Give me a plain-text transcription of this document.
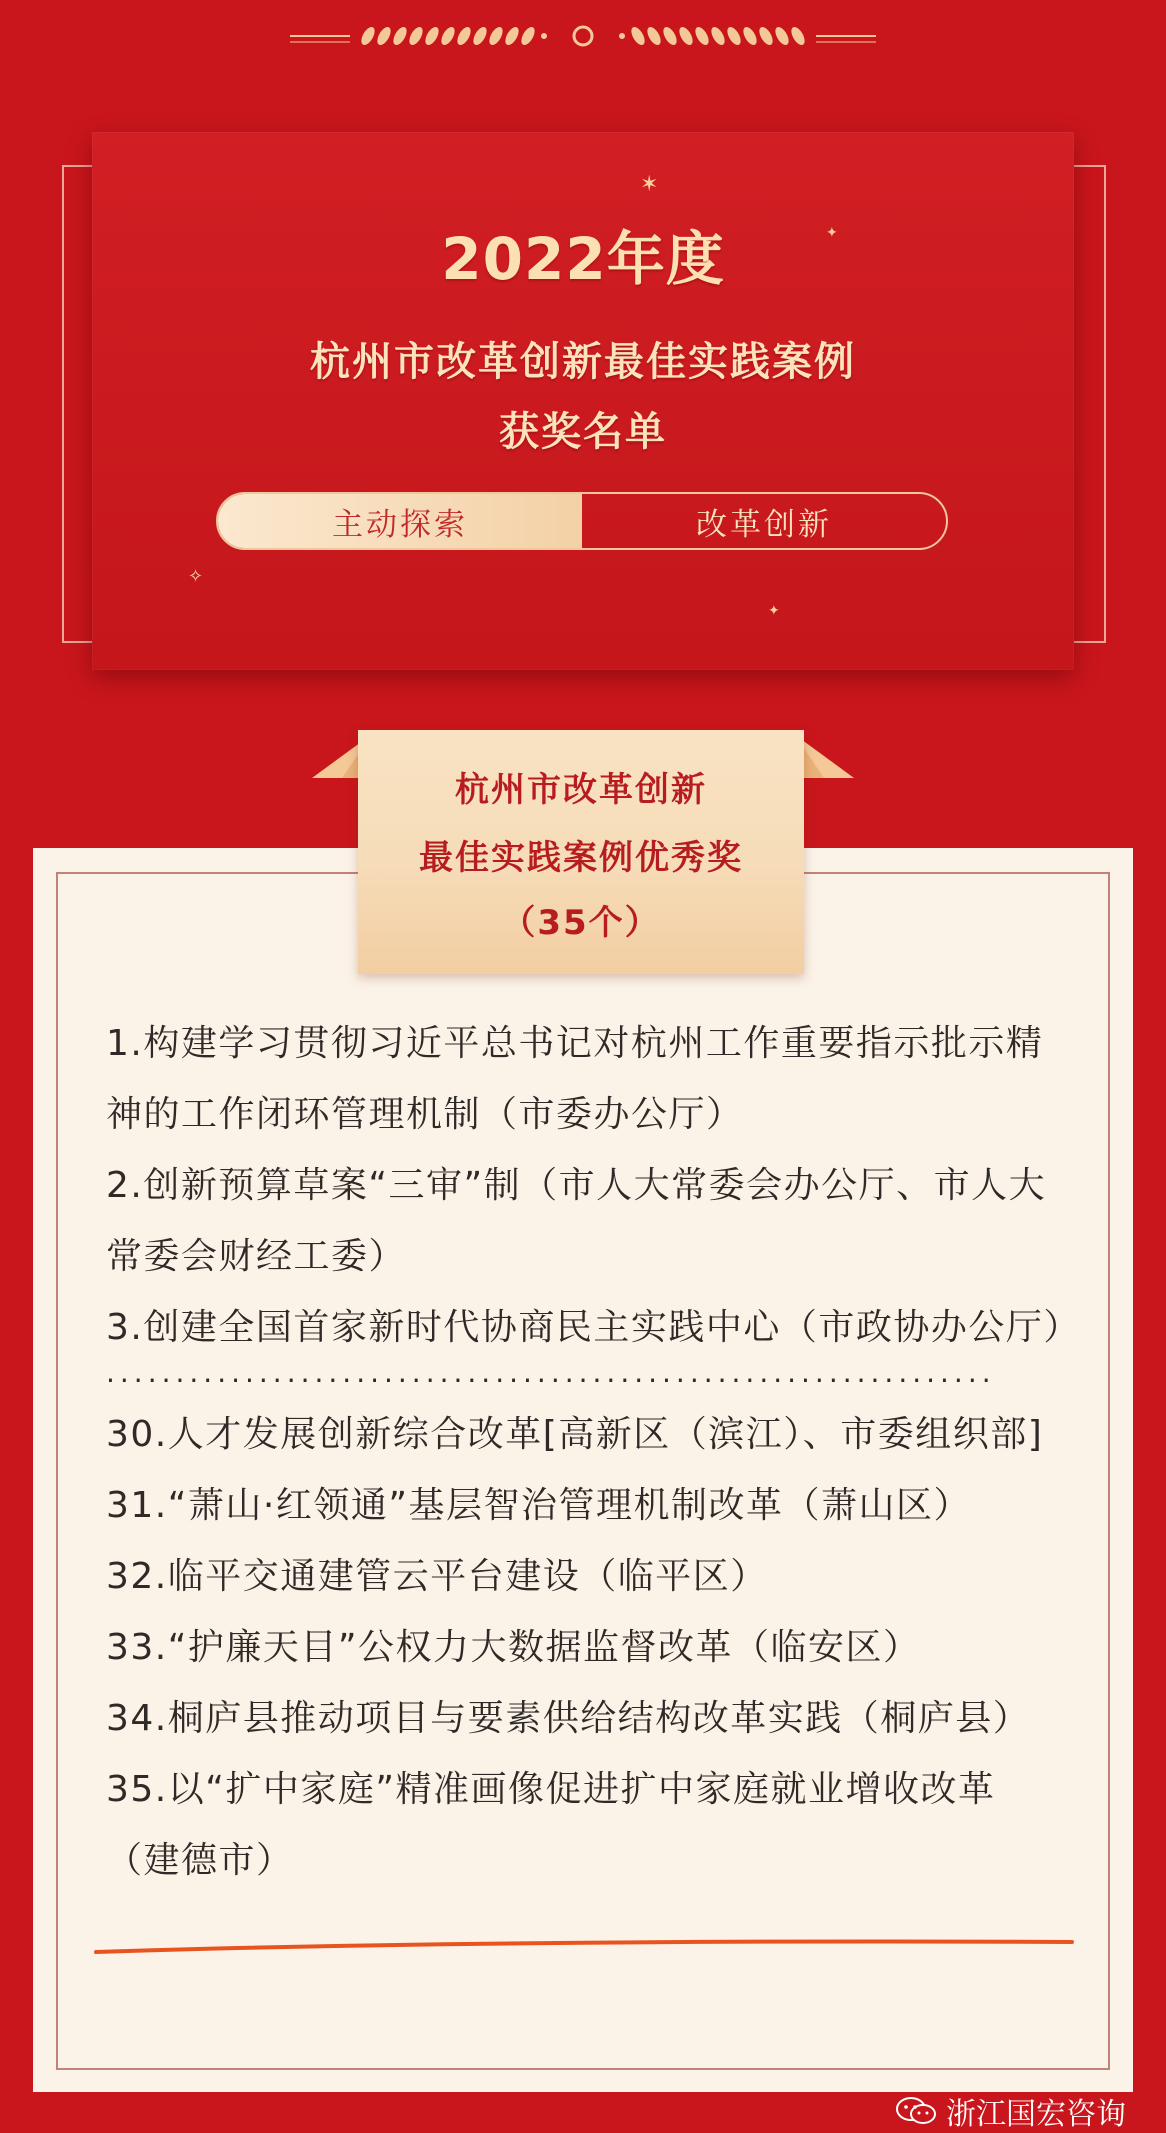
✶
✦
✧
✦
2022年度
杭州市改革创新最佳实践案例
获奖名单
主动探索	改革创新
杭州市改革创新
最佳实践案例优秀奖
（35个）

1.构建学习贯彻习近平总书记对杭州工作重要指示批示精神的工作闭环管理机制（市委办公厅）

2.创新预算草案“三审”制（市人大常委会办公厅、市人大常委会财经工委）

3.创建全国首家新时代协商民主实践中心（市政协办公厅）

································································

30.人才发展创新综合改革[高新区（滨江）、市委组织部]

31.“萧山·红领通”基层智治管理机制改革（萧山区）

32.临平交通建管云平台建设（临平区）

33.“护廉天目”公权力大数据监督改革（临安区）

34.桐庐县推动项目与要素供给结构改革实践（桐庐县）

35.以“扩中家庭”精准画像促进扩中家庭就业增收改革（建德市）

浙江国宏咨询
